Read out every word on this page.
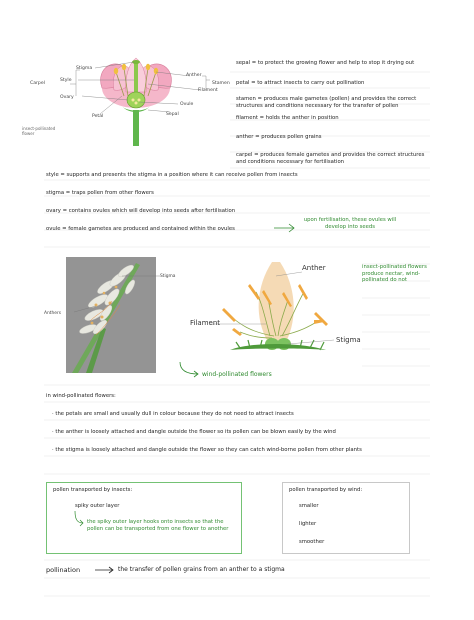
Stigma
Style
Carpel
Ovary
Petal
Anther
Stamen
Filament
Ovule
Sepal
insect-pollinated flower
sepal = to protect the growing flower and help to stop it drying out
petal = to attract insects to carry out pollination
stamen = produces male gametes (pollen) and provides the correct structures and conditions necessary for the transfer of pollen
filament = holds the anther in position
anther = produces pollen grains
carpel = produces female gametes and provides the correct structures and conditions necessary for fertilisation
style = supports and presents the stigma in a position where it can receive pollen from insects
stigma = traps pollen from other flowers
ovary = contains ovules which will develop into seeds after fertilisation
ovule = female gametes are produced and contained within the ovules
upon fertilisation, these ovules will develop into seeds
Stigma
Anthers
Anther
Filament
Stigma
insect-pollinated flowers produce nectar, wind-pollinated do not
wind-pollinated flowers
in wind-pollinated flowers:
· the petals are small and usually dull in colour because they do not need to attract insects
· the anther is loosely attached and dangle outside the flower so its pollen can be blown easily by the wind
· the stigma is loosely attached and dangle outside the flower so they can catch wind-borne pollen from other plants
pollen transported by insects:
spiky outer layer
the spiky outer layer hooks onto insects so that the pollen can be transported from one flower to another
pollen transported by wind:
smaller
lighter
smoother
pollination	the transfer of pollen grains from an anther to a stigma
